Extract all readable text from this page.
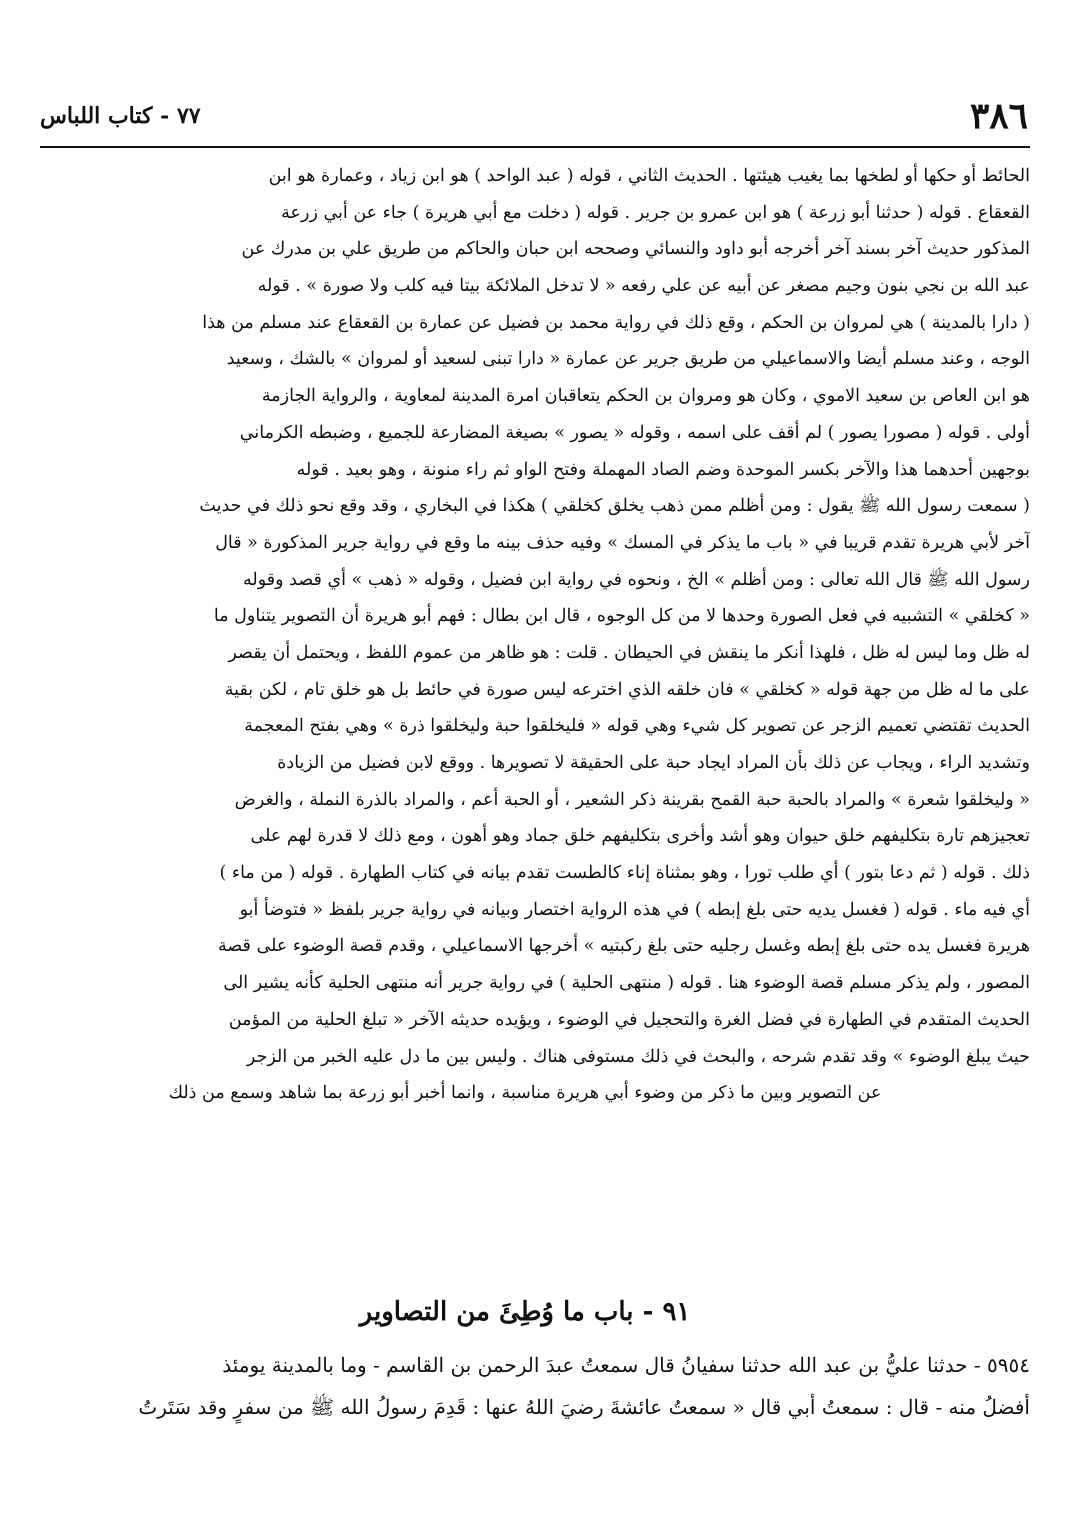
٣٨٦
٧٧ - كتاب اللباس
الحائط أو حكها أو لطخها بما يغيب هيئتها . الحديث الثاني ، قوله ( عبد الواحد ) هو ابن زياد ، وعمارة هو ابن
القعقاع . قوله ( حدثنا أبو زرعة ) هو ابن عمرو بن جرير . قوله ( دخلت مع أبي هريرة ) جاء عن أبي زرعة
المذكور حديث آخر بسند آخر أخرجه أبو داود والنسائي وصححه ابن حبان والحاكم من طريق علي بن مدرك عن
عبد الله بن نجي بنون وجيم مصغر عن أبيه عن علي رفعه « لا تدخل الملائكة بيتا فيه كلب ولا صورة » . قوله
( دارا بالمدينة ) هي لمروان بن الحكم ، وقع ذلك في رواية محمد بن فضيل عن عمارة بن القعقاع عند مسلم من هذا
الوجه ، وعند مسلم أيضا والاسماعيلي من طريق جرير عن عمارة « دارا تبنى لسعيد أو لمروان » بالشك ، وسعيد
هو ابن العاص بن سعيد الاموي ، وكان هو ومروان بن الحكم يتعاقبان امرة المدينة لمعاوية ، والرواية الجازمة
أولى . قوله ( مصورا يصور ) لم أقف على اسمه ، وقوله « يصور » بصيغة المضارعة للجميع ، وضبطه الكرماني
بوجهين أحدهما هذا والآخر بكسر الموحدة وضم الصاد المهملة وفتح الواو ثم راء منونة ، وهو بعيد . قوله
( سمعت رسول الله ﷺ يقول : ومن أظلم ممن ذهب يخلق كخلقي ) هكذا في البخاري ، وقد وقع نحو ذلك في حديث
آخر لأبي هريرة تقدم قريبا في « باب ما يذكر في المسك » وفيه حذف بينه ما وقع في رواية جرير المذكورة « قال
رسول الله ﷺ قال الله تعالى : ومن أظلم » الخ ، ونحوه في رواية ابن فضيل ، وقوله « ذهب » أي قصد وقوله
« كخلقي » التشبيه في فعل الصورة وحدها لا من كل الوجوه ، قال ابن بطال : فهم أبو هريرة أن التصوير يتناول ما
له ظل وما ليس له ظل ، فلهذا أنكر ما ينقش في الحيطان . قلت : هو ظاهر من عموم اللفظ ، ويحتمل أن يقصر
على ما له ظل من جهة قوله « كخلقي » فان خلقه الذي اخترعه ليس صورة في حائط بل هو خلق تام ، لكن بقية
الحديث تقتضي تعميم الزجر عن تصوير كل شيء وهي قوله « فليخلقوا حبة وليخلقوا ذرة » وهي بفتح المعجمة
وتشديد الراء ، ويجاب عن ذلك بأن المراد ايجاد حبة على الحقيقة لا تصويرها . ووقع لابن فضيل من الزيادة
« وليخلقوا شعرة » والمراد بالحبة حبة القمح بقرينة ذكر الشعير ، أو الحبة أعم ، والمراد بالذرة النملة ، والغرض
تعجيزهم تارة بتكليفهم خلق حيوان وهو أشد وأخرى بتكليفهم خلق جماد وهو أهون ، ومع ذلك لا قدرة لهم على
ذلك . قوله ( ثم دعا بتور ) أي طلب تورا ، وهو بمثناة إناء كالطست تقدم بيانه في كتاب الطهارة . قوله ( من ماء )
أي فيه ماء . قوله ( فغسل يديه حتى بلغ إبطه ) في هذه الرواية اختصار وبيانه في رواية جرير بلفظ « فتوضأ أبو
هريرة فغسل يده حتى بلغ إبطه وغسل رجليه حتى بلغ ركبتيه » أخرجها الاسماعيلي ، وقدم قصة الوضوء على قصة
المصور ، ولم يذكر مسلم قصة الوضوء هنا . قوله ( منتهى الحلية ) في رواية جرير أنه منتهى الحلية كأنه يشير الى
الحديث المتقدم في الطهارة في فضل الغرة والتحجيل في الوضوء ، ويؤيده حديثه الآخر « تبلغ الحلية من المؤمن
حيث يبلغ الوضوء » وقد تقدم شرحه ، والبحث في ذلك مستوفى هناك . وليس بين ما دل عليه الخبر من الزجر
عن التصوير وبين ما ذكر من وضوء أبي هريرة مناسبة ، وانما أخبر أبو زرعة بما شاهد وسمع من ذلك
٩١ - باب ما وُطِئَ من التصاوير
٥٩٥٤ - حدثنا عليُّ بن عبد الله حدثنا سفيانُ قال سمعتُ عبدَ الرحمن بن القاسم - وما بالمدينة يومئذ
أفضلُ منه - قال : سمعتُ أبي قال « سمعتُ عائشةَ رضيَ اللهُ عنها : قَدِمَ رسولُ الله ﷺ من سفرٍ وقد سَتَرتُ
